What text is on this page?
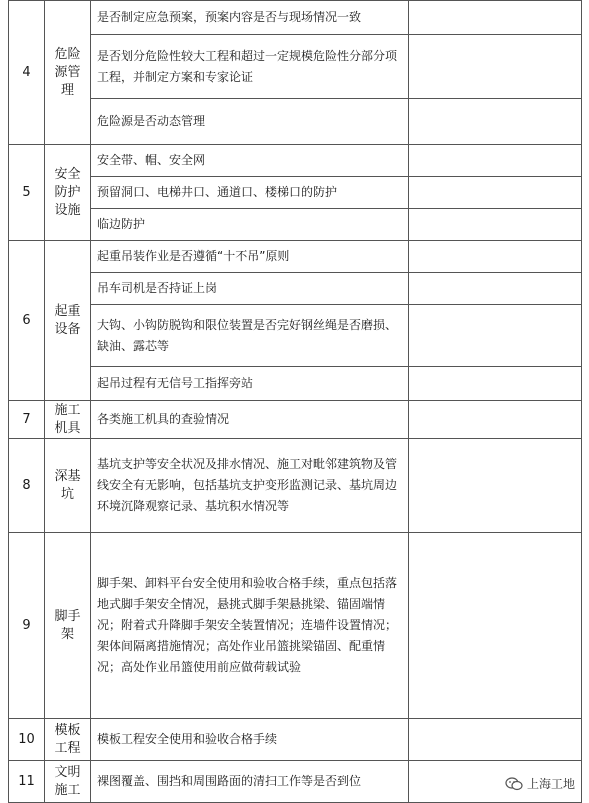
4	危险源管理	是否制定应急预案，预案内容是否与现场情况一致	
		是否划分危险性较大工程和超过一定规模危险性分部分项工程，并制定方案和专家论证	
		危险源是否动态管理	
5	安全防护设施	安全带、帽、安全网	
		预留洞口、电梯井口、通道口、楼梯口的防护	
		临边防护	
6	起重设备	起重吊装作业是否遵循“十不吊”原则	
		吊车司机是否持证上岗	
		大钩、小钩防脱钩和限位装置是否完好钢丝绳是否磨损、缺油、露芯等	
		起吊过程有无信号工指挥旁站	
7	施工机具	各类施工机具的查验情况	
8	深基坑	基坑支护等安全状况及排水情况、施工对毗邻建筑物及管线安全有无影响，包括基坑支护变形监测记录、基坑周边环境沉降观察记录、基坑积水情况等	
9	脚手架	脚手架、卸料平台安全使用和验收合格手续，重点包括落地式脚手架安全情况，悬挑式脚手架悬挑梁、锚固端情况；附着式升降脚手架安全装置情况；连墙件设置情况；架体间隔离措施情况；高处作业吊篮挑梁锚固、配重情况；高处作业吊篮使用前应做荷载试验	
10	模板工程	模板工程安全使用和验收合格手续	
11	文明施工	裸图覆盖、围挡和周围路面的清扫工作等是否到位		上海工地
